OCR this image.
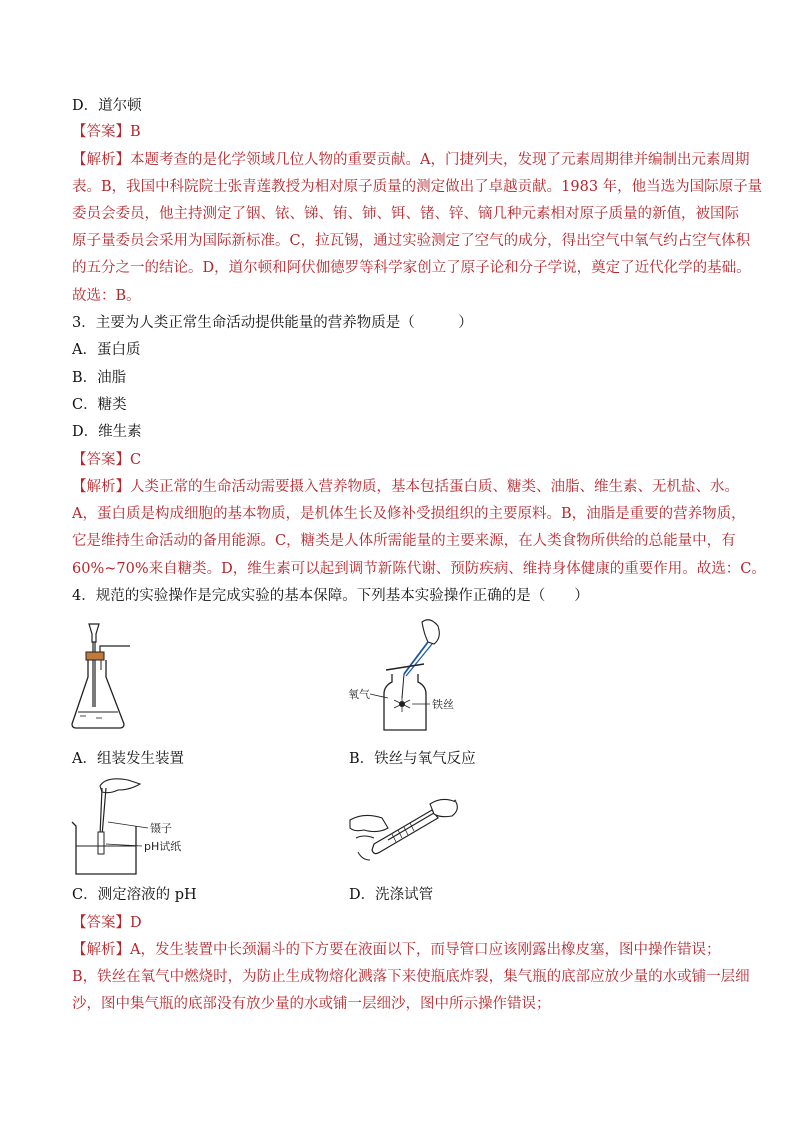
D．道尔顿
【答案】B
【解析】本题考查的是化学领域几位人物的重要贡献。A，门捷列夫，发现了元素周期律并编制出元素周期
表。B，我国中科院院士张青莲教授为相对原子质量的测定做出了卓越贡献。1983 年，他当选为国际原子量
委员会委员，他主持测定了铟、铱、锑、铕、铈、铒、锗、锌、镝几种元素相对原子质量的新值，被国际
原子量委员会采用为国际新标准。C，拉瓦锡，通过实验测定了空气的成分，得出空气中氧气约占空气体积
的五分之一的结论。D，道尔顿和阿伏伽德罗等科学家创立了原子论和分子学说，奠定了近代化学的基础。
故选：B。
3．主要为人类正常生命活动提供能量的营养物质是（　　　）
A．蛋白质
B．油脂
C．糖类
D．维生素
【答案】C
【解析】人类正常的生命活动需要摄入营养物质，基本包括蛋白质、糖类、油脂、维生素、无机盐、水。
A，蛋白质是构成细胞的基本物质，是机体生长及修补受损组织的主要原料。B，油脂是重要的营养物质，
它是维持生命活动的备用能源。C，糖类是人体所需能量的主要来源，在人类食物所供给的总能量中，有
60%~70%来自糖类。D，维生素可以起到调节新陈代谢、预防疾病、维持身体健康的重要作用。故选：C。
4．规范的实验操作是完成实验的基本保障。下列基本实验操作正确的是（　　）
A．组装发生装置
氧气
铁丝
B．铁丝与氧气反应
镊子
pH试纸
C．测定溶液的 pH	D．洗涤试管
【答案】D
【解析】A，发生装置中长颈漏斗的下方要在液面以下，而导管口应该刚露出橡皮塞，图中操作错误；
B，铁丝在氧气中燃烧时，为防止生成物熔化溅落下来使瓶底炸裂，集气瓶的底部应放少量的水或铺一层细
沙，图中集气瓶的底部没有放少量的水或铺一层细沙，图中所示操作错误；
